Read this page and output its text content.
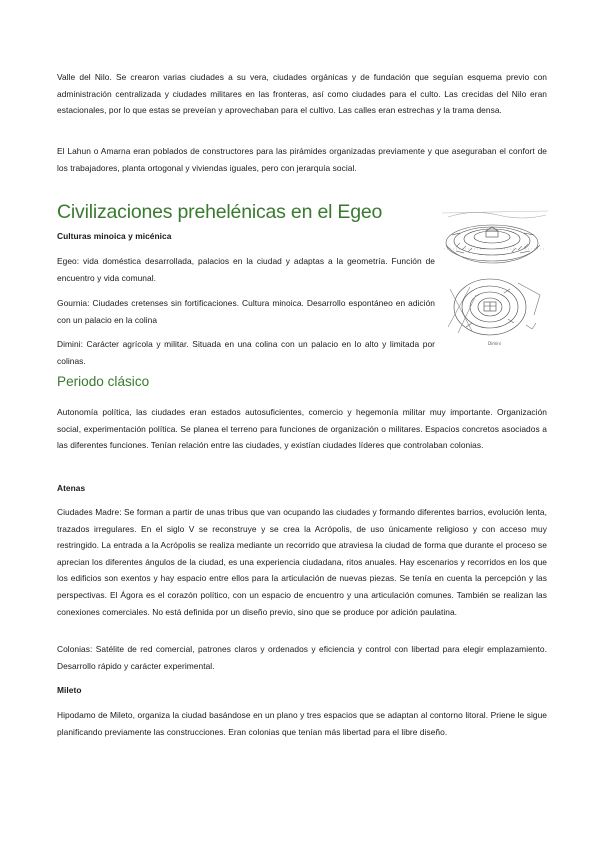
Valle del Nilo. Se crearon varias ciudades a su vera, ciudades orgánicas y de fundación que seguían esquema previo con administración centralizada y ciudades militares en las fronteras, así como ciudades para el culto. Las crecidas del Nilo eran estacionales, por lo que estas se preveían y aprovechaban para el cultivo. Las calles eran estrechas y la trama densa.

El Lahun o Amarna eran poblados de constructores para las pirámides organizadas previamente y que aseguraban el confort de los trabajadores, planta ortogonal y viviendas iguales, pero con jerarquía social.

Civilizaciones prehelénicas en el Egeo

Culturas minoica y micénica

Egeo: vida doméstica desarrollada, palacios en la ciudad y adaptas a la geometría. Función de encuentro y vida comunal.

Gournia: Ciudades cretenses sin fortificaciones. Cultura minoica. Desarrollo espontáneo en adición con un palacio en la colina

Dimini: Carácter agrícola y militar. Situada en una colina con un palacio en lo alto y limitada por colinas.

Dimini
Periodo clásico

Autonomía política, las ciudades eran estados autosuficientes, comercio y hegemonía militar muy importante. Organización social, experimentación política. Se planea el terreno para funciones de organización o militares. Espacios concretos asociados a las diferentes funciones. Tenían relación entre las ciudades, y existían ciudades líderes que controlaban colonias.

Atenas

Ciudades Madre: Se forman a partir de unas tribus que van ocupando las ciudades y formando diferentes barrios, evolución lenta, trazados irregulares. En el siglo V se reconstruye y se crea la Acrópolis, de uso únicamente religioso y con acceso muy restringido. La entrada a la Acrópolis se realiza mediante un recorrido que atraviesa la ciudad de forma que durante el proceso se aprecian los diferentes ángulos de la ciudad, es una experiencia ciudadana, ritos anuales. Hay escenarios y recorridos en los que los edificios son exentos y hay espacio entre ellos para la articulación de nuevas piezas. Se tenía en cuenta la percepción y las perspectivas. El Ágora es el corazón político, con un espacio de encuentro y una articulación comunes. También se realizan las conexiones comerciales. No está definida por un diseño previo, sino que se produce por adición paulatina.

Colonias: Satélite de red comercial, patrones claros y ordenados y eficiencia y control con libertad para elegir emplazamiento. Desarrollo rápido y carácter experimental.

Mileto

Hipodamo de Mileto, organiza la ciudad basándose en un plano y tres espacios que se adaptan al contorno litoral. Priene le sigue planificando previamente las construcciones. Eran colonias que tenían más libertad para el libre diseño.
